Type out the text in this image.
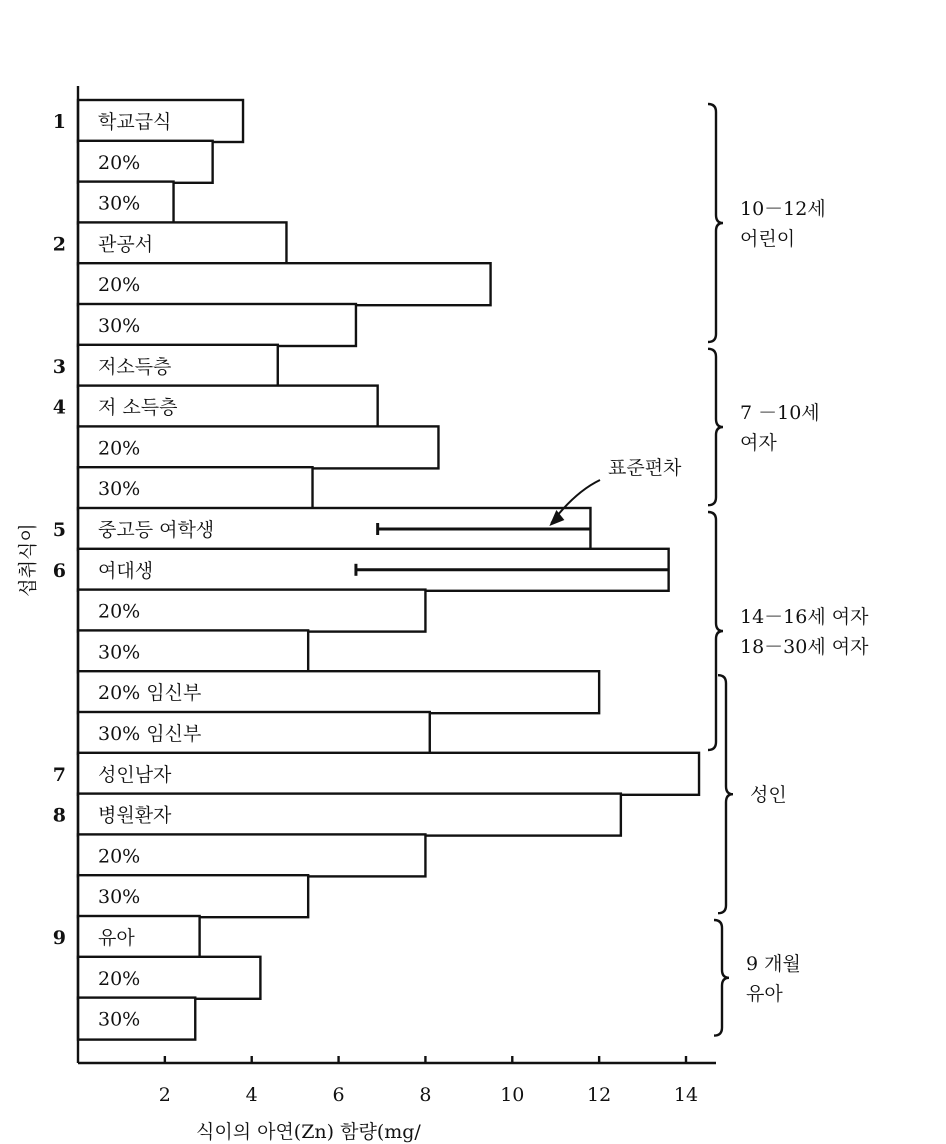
학교급식
1
20%
30%
관공서
2
20%
30%
저소득층
3
저 소득층
4
20%
30%
중고등 여학생
5
여대생
6
20%
30%
20% 임신부
30% 임신부
성인남자
7
병원환자
8
20%
30%
유아
9
20%
30%
2	4	6	8	10	12	14
10－12세
어린이
7 －10세
여자
14－16세 여자
18－30세 여자
성인
9 개월
유아
식이의 아연(Zn) 함량(mg/
섭취식이
표준편차
